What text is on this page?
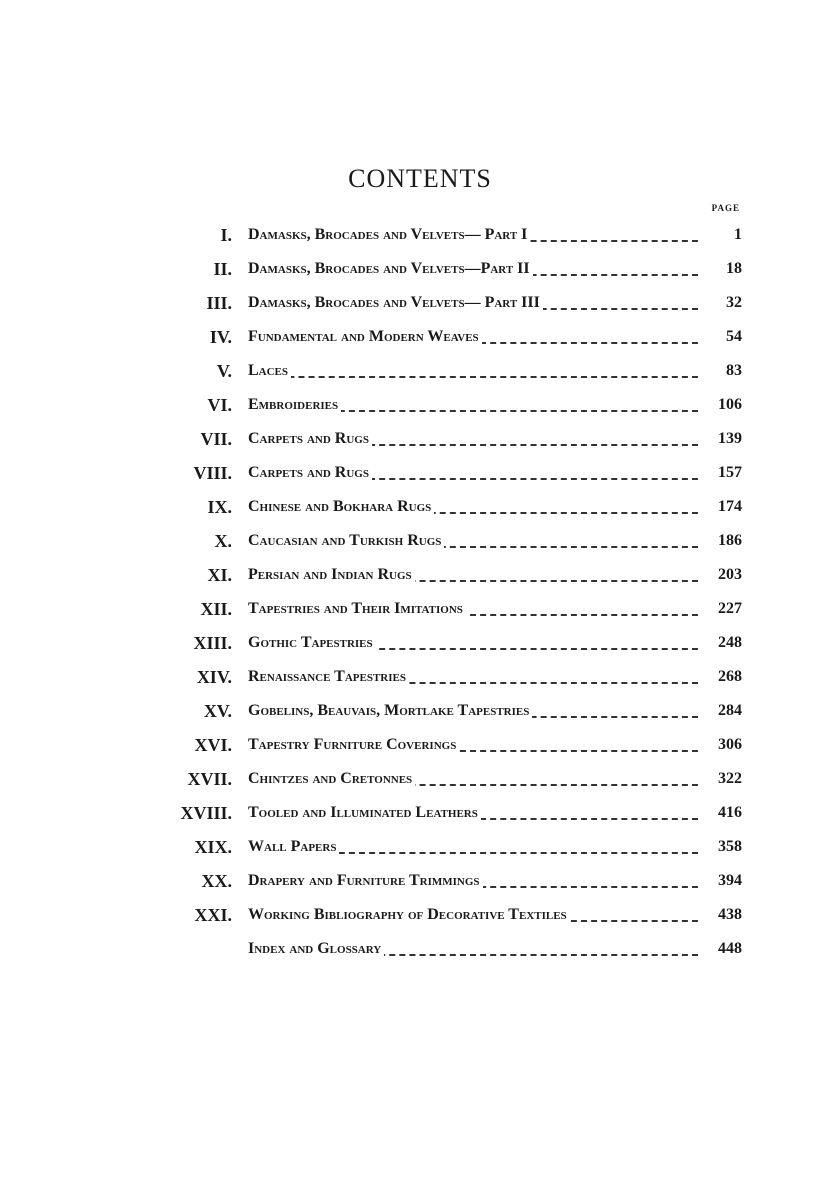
CONTENTS
PAGE
I. Damasks, Brocades and Velvets— Part I	1
II. Damasks, Brocades and Velvets—Part II	18
III. Damasks, Brocades and Velvets— Part III	32
IV. Fundamental and Modern Weaves	54
V. Laces	83
VI. Embroideries	106
VII. Carpets and Rugs	139
VIII. Carpets and Rugs	157
IX. Chinese and Bokhara Rugs	174
X. Caucasian and Turkish Rugs	186
XI. Persian and Indian Rugs	203
XII. Tapestries and Their Imitations	227
XIII. Gothic Tapestries	248
XIV. Renaissance Tapestries	268
XV. Gobelins, Beauvais, Mortlake Tapestries	284
XVI. Tapestry Furniture Coverings	306
XVII. Chintzes and Cretonnes	322
XVIII. Tooled and Illuminated Leathers	416
XIX. Wall Papers	358
XX. Drapery and Furniture Trimmings	394
XXI. Working Bibliography of Decorative Textiles	438
Index and Glossary	448
